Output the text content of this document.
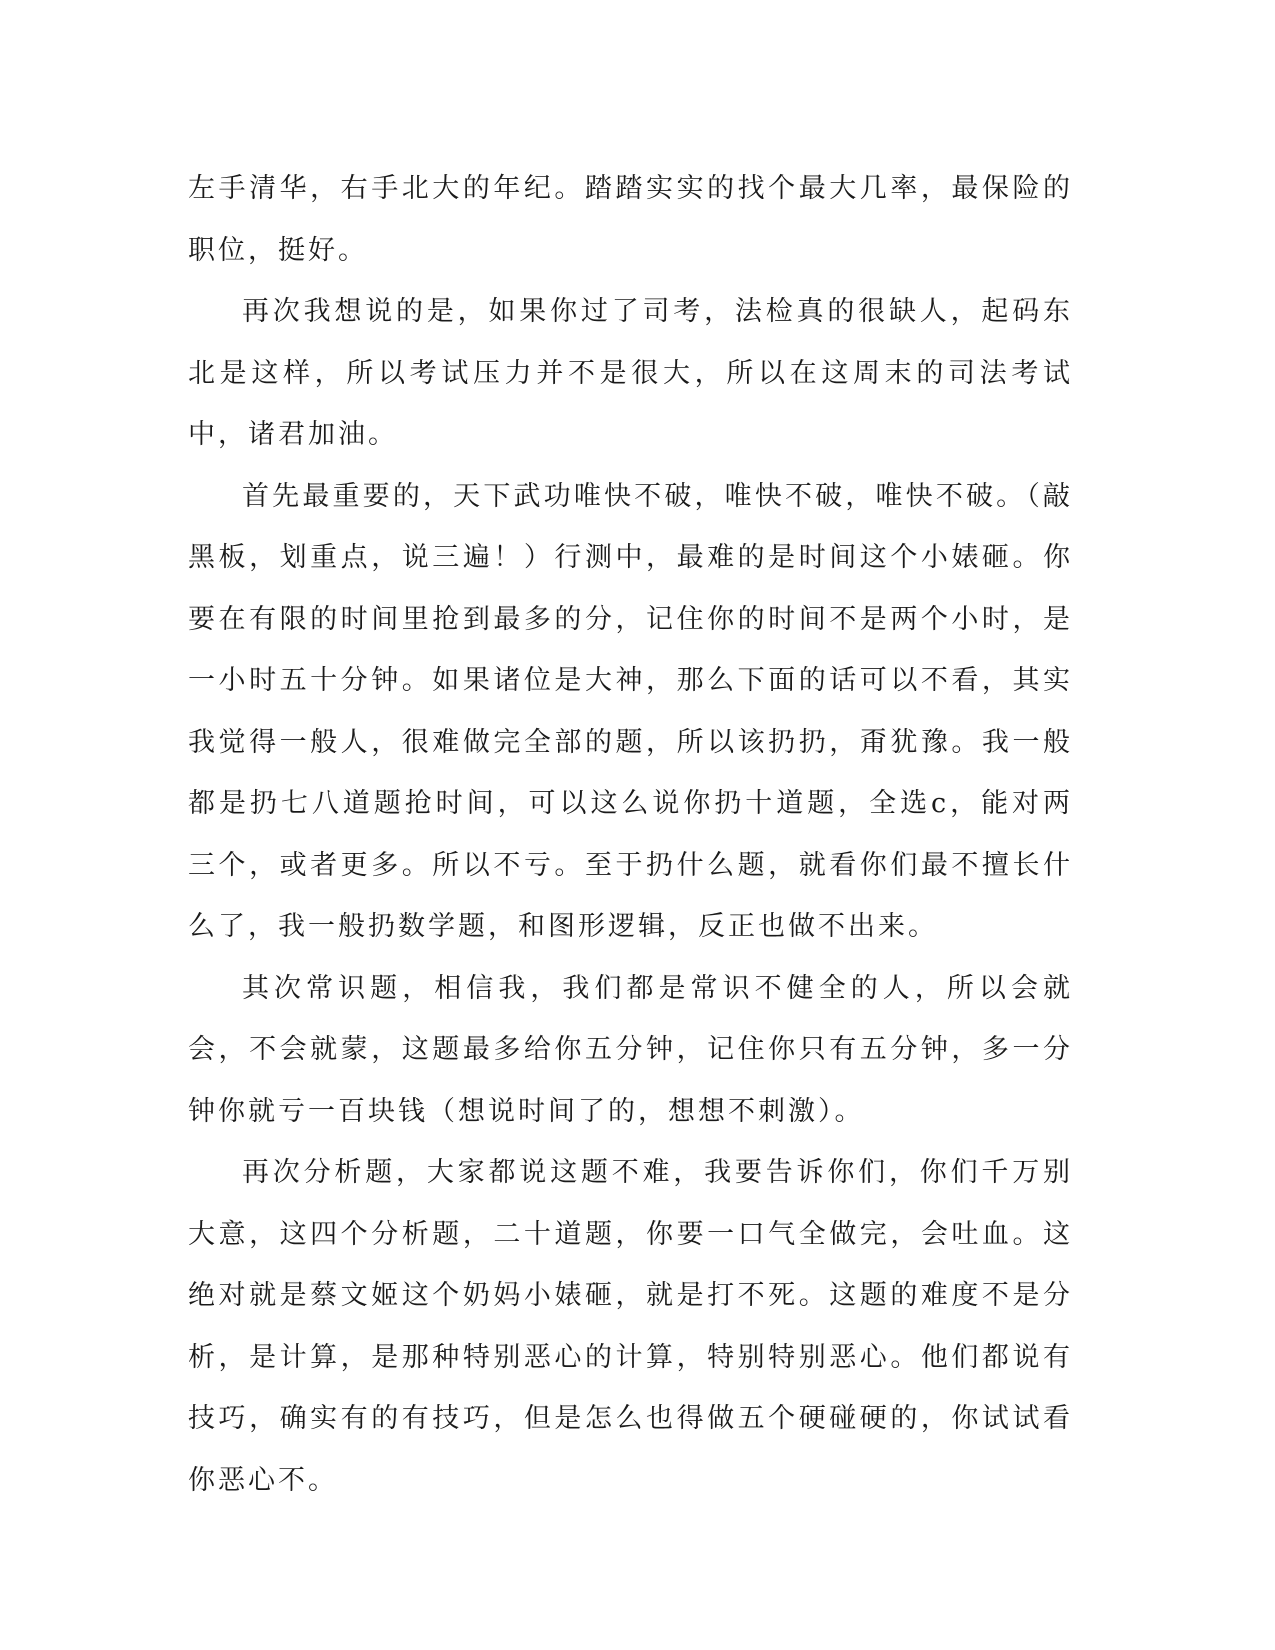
左手清华，右手北大的年纪。踏踏实实的找个最大几率，最保险的职位，挺好。

再次我想说的是，如果你过了司考，法检真的很缺人，起码东北是这样，所以考试压力并不是很大，所以在这周末的司法考试中，诸君加油。

首先最重要的，天下武功唯快不破，唯快不破，唯快不破。（敲黑板，划重点，说三遍！）行测中，最难的是时间这个小婊砸。你要在有限的时间里抢到最多的分，记住你的时间不是两个小时，是一小时五十分钟。如果诸位是大神，那么下面的话可以不看，其实我觉得一般人，很难做完全部的题，所以该扔扔，甭犹豫。我一般都是扔七八道题抢时间，可以这么说你扔十道题，全选c，能对两三个，或者更多。所以不亏。至于扔什么题，就看你们最不擅长什么了，我一般扔数学题，和图形逻辑，反正也做不出来。

其次常识题，相信我，我们都是常识不健全的人，所以会就会，不会就蒙，这题最多给你五分钟，记住你只有五分钟，多一分钟你就亏一百块钱（想说时间了的，想想不刺激）。

再次分析题，大家都说这题不难，我要告诉你们，你们千万别大意，这四个分析题，二十道题，你要一口气全做完，会吐血。这绝对就是蔡文姬这个奶妈小婊砸，就是打不死。这题的难度不是分析，是计算，是那种特别恶心的计算，特别特别恶心。他们都说有技巧，确实有的有技巧，但是怎么也得做五个硬碰硬的，你试试看你恶心不。
